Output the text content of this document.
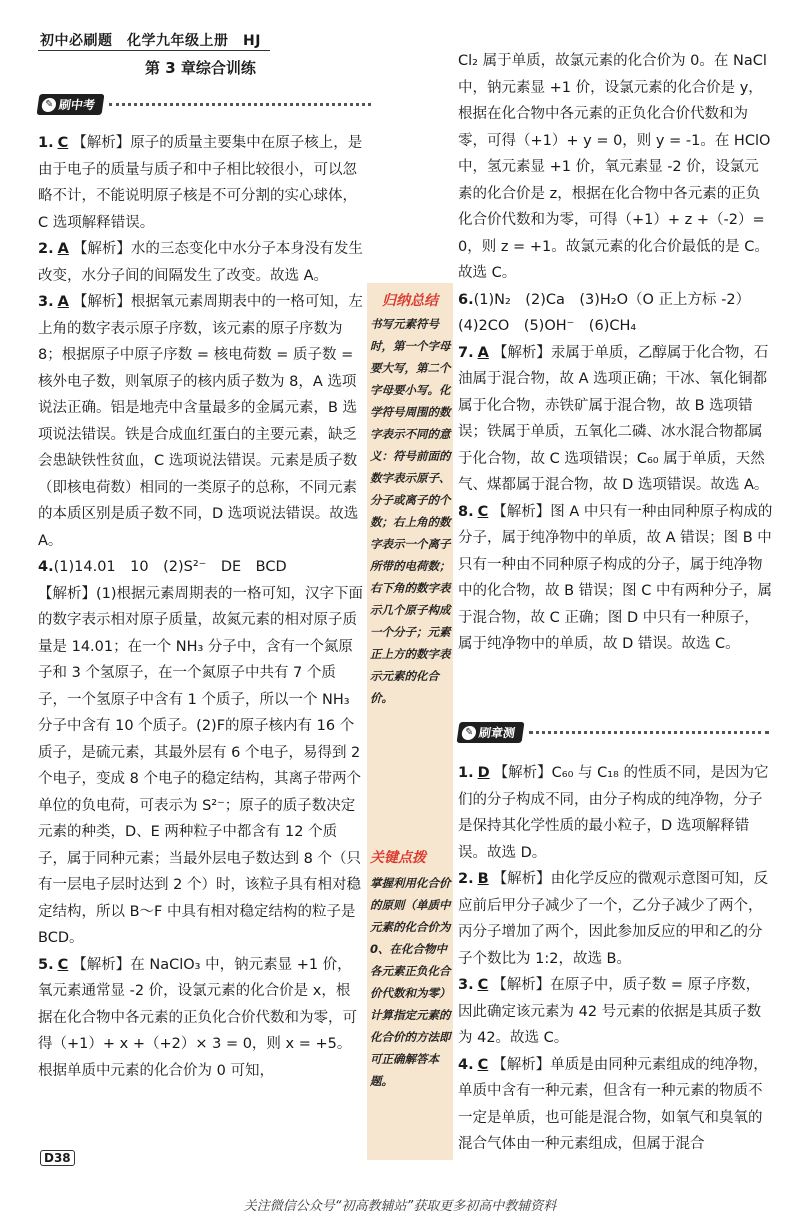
初中必刷题　化学九年级上册　HJ
第 3 章综合训练
✎ 刷中考

1. C 【解析】原子的质量主要集中在原子核上，是由于电子的质量与质子和中子相比较很小，可以忽略不计，不能说明原子核是不可分割的实心球体，C 选项解释错误。

2. A 【解析】水的三态变化中水分子本身没有发生改变，水分子间的间隔发生了改变。故选 A。

3. A 【解析】根据氧元素周期表中的一格可知，左上角的数字表示原子序数，该元素的原子序数为 8；根据原子中原子序数 = 核电荷数 = 质子数 = 核外电子数，则氧原子的核内质子数为 8，A 选项说法正确。铝是地壳中含量最多的金属元素，B 选项说法错误。铁是合成血红蛋白的主要元素，缺乏会患缺铁性贫血，C 选项说法错误。元素是质子数（即核电荷数）相同的一类原子的总称，不同元素的本质区别是质子数不同，D 选项说法错误。故选 A。

4.(1)14.01　10　(2)S²⁻　DE　BCD

【解析】(1)根据元素周期表的一格可知，汉字下面的数字表示相对原子质量，故氮元素的相对原子质量是 14.01；在一个 NH₃ 分子中，含有一个氮原子和 3 个氢原子，在一个氮原子中共有 7 个质子，一个氢原子中含有 1 个质子，所以一个 NH₃ 分子中含有 10 个质子。(2)F的原子核内有 16 个质子，是硫元素，其最外层有 6 个电子，易得到 2 个电子，变成 8 个电子的稳定结构，其离子带两个单位的负电荷，可表示为 S²⁻；原子的质子数决定元素的种类，D、E 两种粒子中都含有 12 个质子，属于同种元素；当最外层电子数达到 8 个（只有一层电子层时达到 2 个）时，该粒子具有相对稳定结构，所以 B～F 中具有相对稳定结构的粒子是 BCD。

5. C 【解析】在 NaClO₃ 中，钠元素显 +1 价，氧元素通常显 -2 价，设氯元素的化合价是 x，根据在化合物中各元素的正负化合价代数和为零，可得（+1）+ x +（+2）× 3 = 0，则 x = +5。根据单质中元素的化合价为 0 可知，

归纳总结
书写元素符号时，第一个字母要大写，第二个字母要小写。化学符号周围的数字表示不同的意义：符号前面的数字表示原子、分子或离子的个数；右上角的数字表示一个离子所带的电荷数；右下角的数字表示几个原子构成一个分子；元素正上方的数字表示元素的化合价。
关键点拨
掌握利用化合价的原则（单质中元素的化合价为 0、在化合物中各元素正负化合价代数和为零）计算指定元素的化合价的方法即可正确解答本题。

Cl₂ 属于单质，故氯元素的化合价为 0。在 NaCl 中，钠元素显 +1 价，设氯元素的化合价是 y，根据在化合物中各元素的正负化合价代数和为零，可得（+1）+ y = 0，则 y = -1。在 HClO 中，氢元素显 +1 价，氧元素显 -2 价，设氯元素的化合价是 z，根据在化合物中各元素的正负化合价代数和为零，可得（+1）+ z +（-2）= 0，则 z = +1。故氯元素的化合价最低的是 C。故选 C。

6.(1)N₂　(2)Ca　(3)H₂O（O 正上方标 -2）　(4)2CO　(5)OH⁻　(6)CH₄

7. A 【解析】汞属于单质，乙醇属于化合物，石油属于混合物，故 A 选项正确；干冰、氧化铜都属于化合物，赤铁矿属于混合物，故 B 选项错误；铁属于单质，五氧化二磷、冰水混合物都属于化合物，故 C 选项错误；C₆₀ 属于单质，天然气、煤都属于混合物，故 D 选项错误。故选 A。

8. C 【解析】图 A 中只有一种由同种原子构成的分子，属于纯净物中的单质，故 A 错误；图 B 中只有一种由不同种原子构成的分子，属于纯净物中的化合物，故 B 错误；图 C 中有两种分子，属于混合物，故 C 正确；图 D 中只有一种原子，属于纯净物中的单质，故 D 错误。故选 C。

✎ 刷章测

1. D 【解析】C₆₀ 与 C₁₈ 的性质不同，是因为它们的分子构成不同，由分子构成的纯净物，分子是保持其化学性质的最小粒子，D 选项解释错误。故选 D。

2. B 【解析】由化学反应的微观示意图可知，反应前后甲分子减少了一个，乙分子减少了两个，丙分子增加了两个，因此参加反应的甲和乙的分子个数比为 1:2，故选 B。

3. C 【解析】在原子中，质子数 = 原子序数，因此确定该元素为 42 号元素的依据是其质子数为 42。故选 C。

4. C 【解析】单质是由同种元素组成的纯净物，单质中含有一种元素，但含有一种元素的物质不一定是单质，也可能是混合物，如氧气和臭氧的混合气体由一种元素组成，但属于混合

D38
关注微信公众号“初高教辅站”获取更多初高中教辅资料
